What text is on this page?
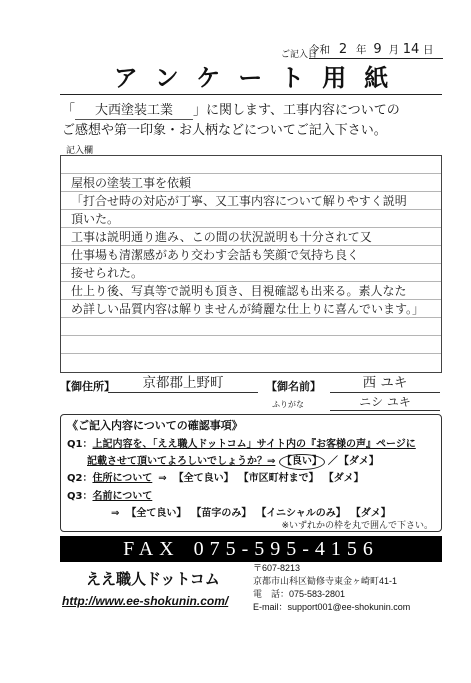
ご記入日
令和 2 年 9 月 14 日
アンケート用紙
「 大西塗装工業 」に関します、工事内容についての
ご感想や第一印象・お人柄などについてご記入下さい。
記入欄
屋根の塗装工事を依頼
「打合せ時の対応が丁寧、又工事内容について解りやすく説明
頂いた。
工事は説明通り進み、この間の状況説明も十分されて又
仕事場も清潔感があり交わす会話も笑顔で気持ち良く
接せられた。
仕上り後、写真等で説明も頂き、目視確認も出来る。素人なた
め詳しい品質内容は解りませんが綺麗な仕上りに喜んでいます。」
【御住所】	京都郡上野町	【御名前】	西 ユキ
ふりがな	ニシ ユキ
《ご記入内容についての確認事項》
Q1：上記内容を、「ええ職人ドットコム」サイト内の『お客様の声』ページに
記載させて頂いてよろしいでしょうか？⇒ 【良い】 ／【ダメ】
Q2：住所について ⇒ 【全て良い】 【市区町村まで】 【ダメ】
Q3：名前について
⇒ 【全て良い】 【苗字のみ】 【イニシャルのみ】 【ダメ】
※いずれかの枠を丸で囲んで下さい。
FAX 075-595-4156
ええ職人ドットコム
http://www.ee-shokunin.com/
〒607-8213
京都市山科区勧修寺東金ヶ崎町41-1
電　話：075-583-2801
E-mail：support001@ee-shokunin.com
